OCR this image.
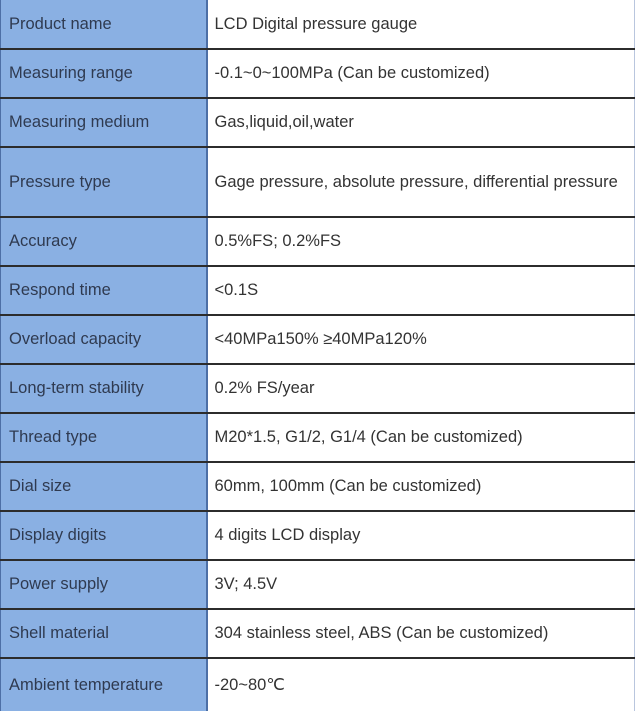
Product name	LCD Digital pressure gauge
Measuring range	-0.1~0~100MPa (Can be customized)
Measuring medium	Gas,liquid,oil,water
Pressure type	Gage pressure, absolute pressure, differential pressure
Accuracy	0.5%FS; 0.2%FS
Respond time	<0.1S
Overload capacity	<40MPa150% ≥40MPa120%
Long-term stability	0.2% FS/year
Thread type	M20*1.5, G1/2, G1/4 (Can be customized)
Dial size	60mm, 100mm (Can be customized)
Display digits	4 digits LCD display
Power supply	3V; 4.5V
Shell material	304 stainless steel, ABS (Can be customized)
Ambient temperature	-20~80℃
